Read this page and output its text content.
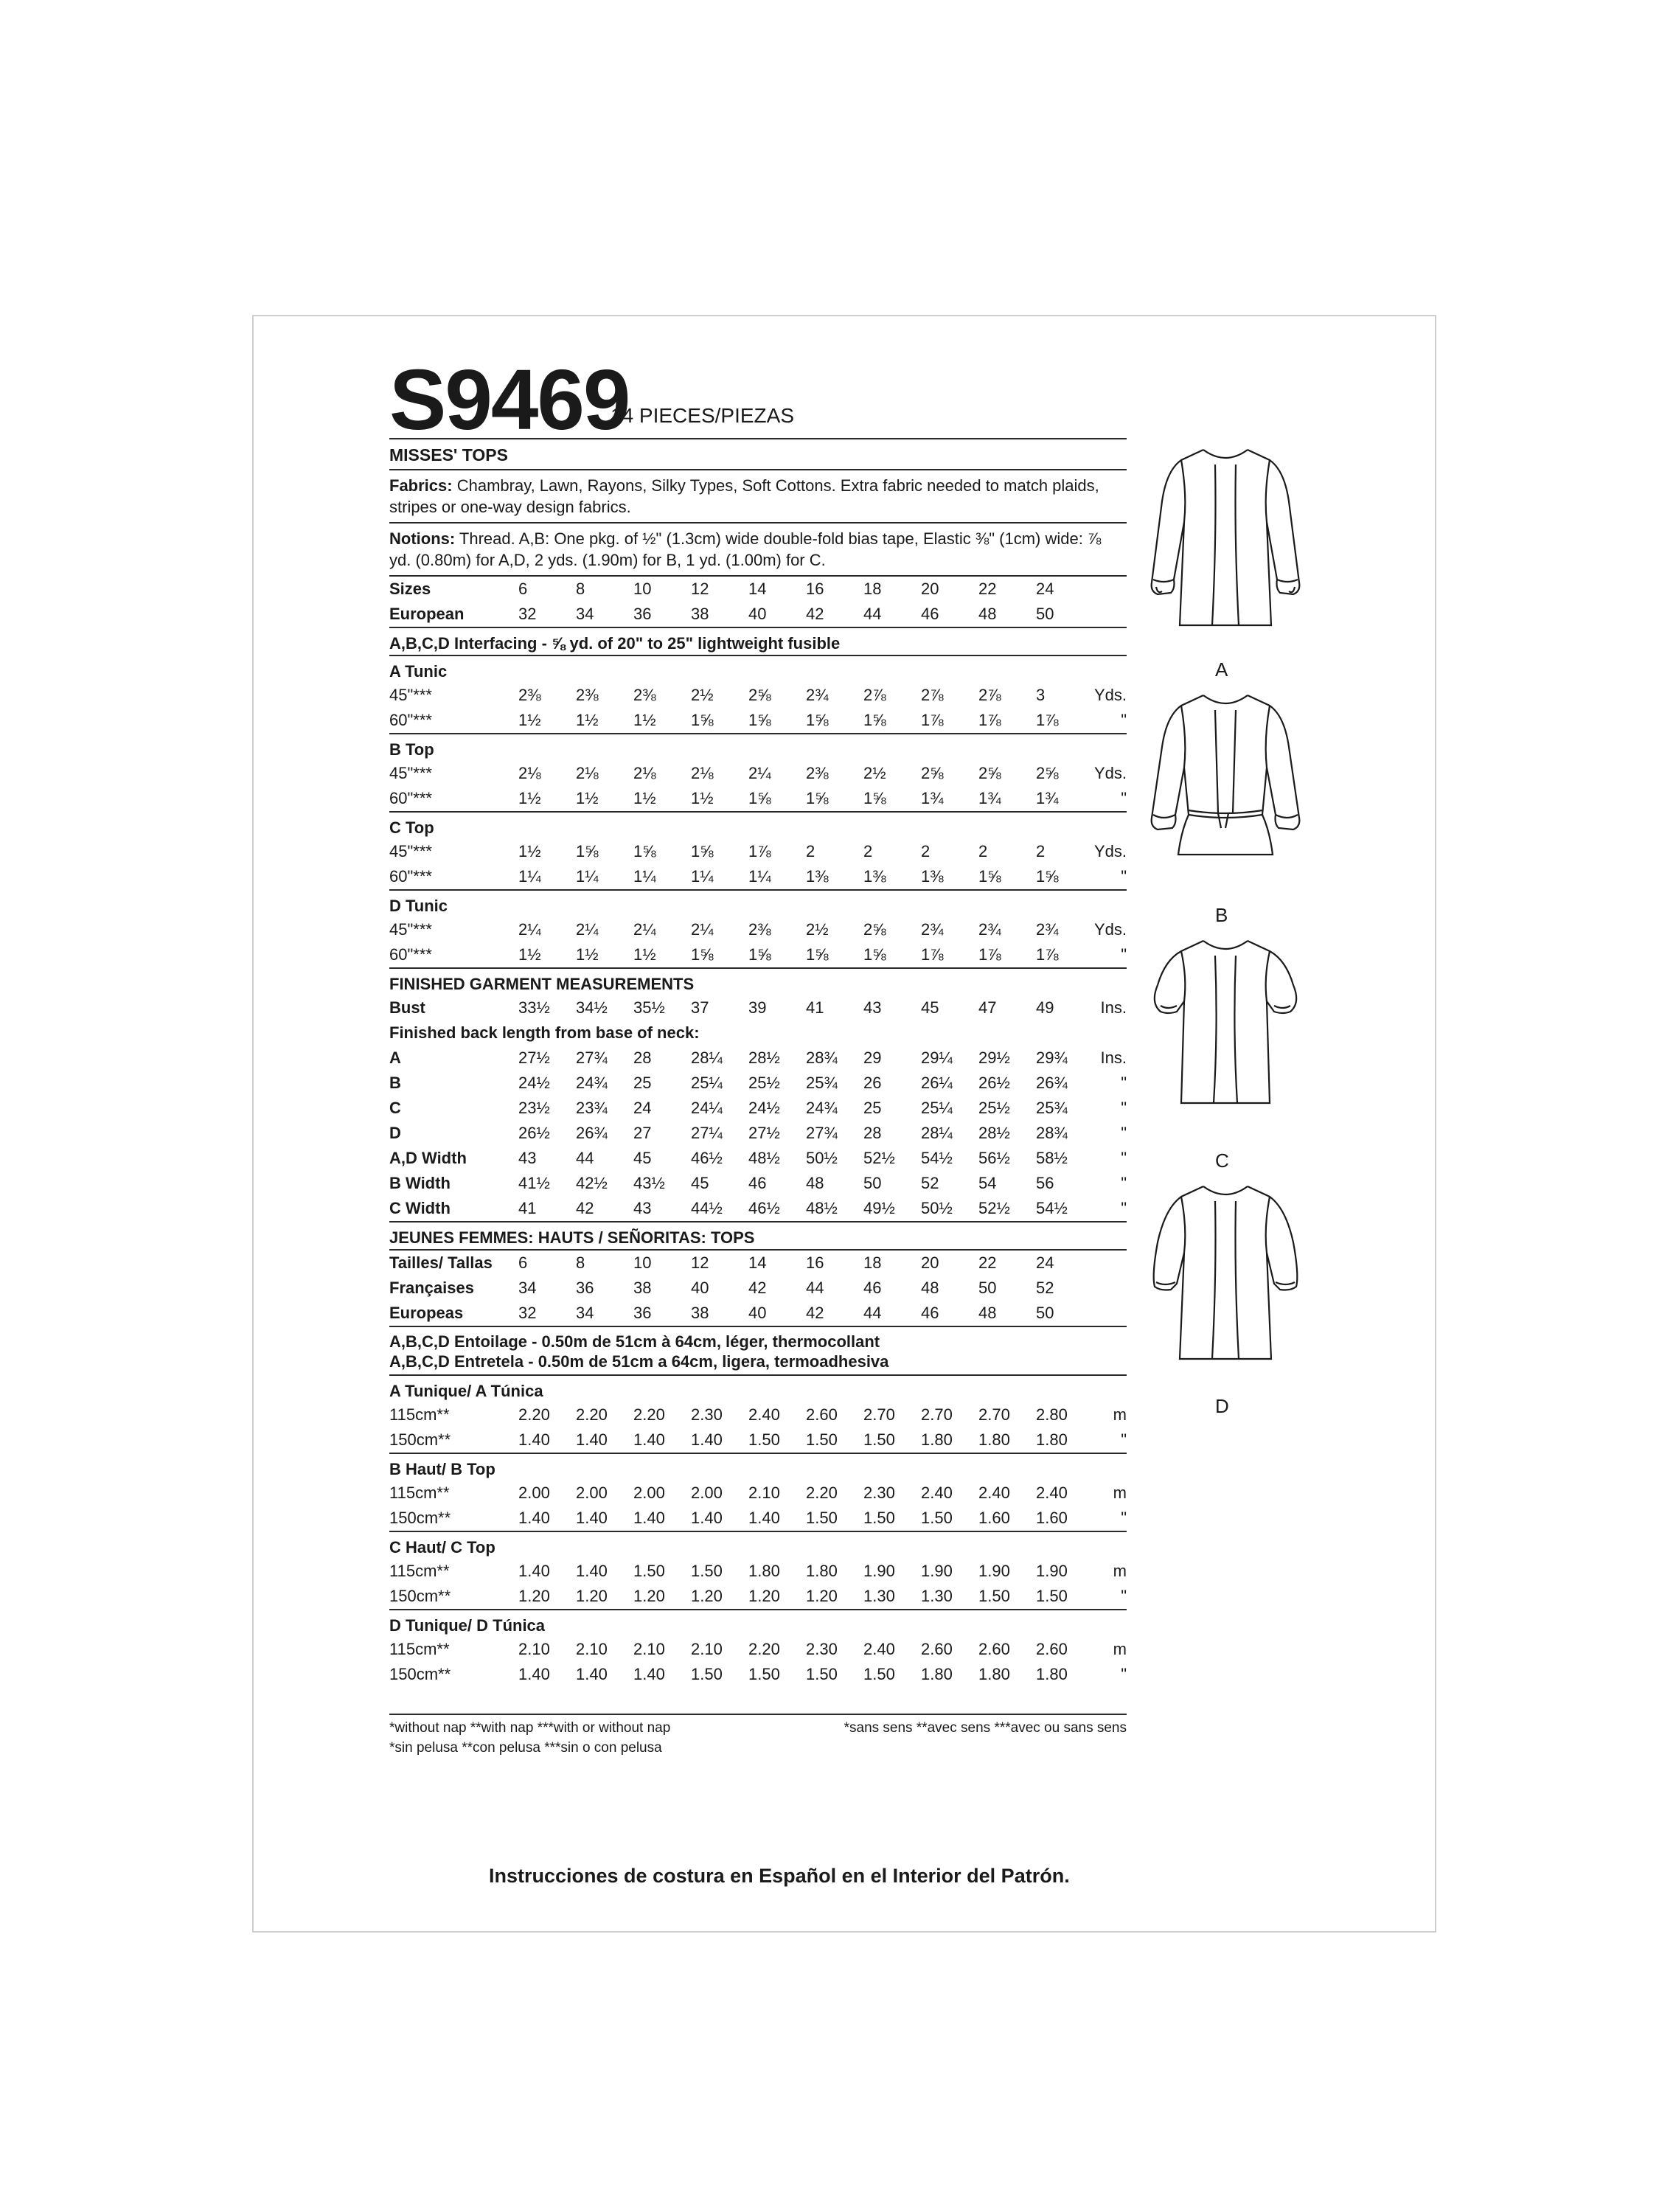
S9469
14 PIECES/PIEZAS
MISSES' TOPS

Fabrics: Chambray, Lawn, Rayons, Silky Types, Soft Cottons. Extra fabric needed to match plaids, stripes or one-way design fabrics.

Notions: Thread. A,B: One pkg. of ½" (1.3cm) wide double-fold bias tape, Elastic ⅜" (1cm) wide: ⅞ yd. (0.80m) for A,D, 2 yds. (1.90m) for B, 1 yd. (1.00m) for C.

Sizes	6	8	10	12	14	16	18	20	22	24	
European	32	34	36	38	40	42	44	46	48	50	
A,B,C,D Interfacing - ⅝ yd. of 20" to 25" lightweight fusible
A Tunic
45"***	2⅜	2⅜	2⅜	2½	2⅝	2¾	2⅞	2⅞	2⅞	3	Yds.
60"***	1½	1½	1½	1⅝	1⅝	1⅝	1⅝	1⅞	1⅞	1⅞	"
B Top
45"***	2⅛	2⅛	2⅛	2⅛	2¼	2⅜	2½	2⅝	2⅝	2⅝	Yds.
60"***	1½	1½	1½	1½	1⅝	1⅝	1⅝	1¾	1¾	1¾	"
C Top
45"***	1½	1⅝	1⅝	1⅝	1⅞	2	2	2	2	2	Yds.
60"***	1¼	1¼	1¼	1¼	1¼	1⅜	1⅜	1⅜	1⅝	1⅝	"
D Tunic
45"***	2¼	2¼	2¼	2¼	2⅜	2½	2⅝	2¾	2¾	2¾	Yds.
60"***	1½	1½	1½	1⅝	1⅝	1⅝	1⅝	1⅞	1⅞	1⅞	"
FINISHED GARMENT MEASUREMENTS
Bust	33½	34½	35½	37	39	41	43	45	47	49	Ins.
Finished back length from base of neck:											
A	27½	27¾	28	28¼	28½	28¾	29	29¼	29½	29¾	Ins.
B	24½	24¾	25	25¼	25½	25¾	26	26¼	26½	26¾	"
C	23½	23¾	24	24¼	24½	24¾	25	25¼	25½	25¾	"
D	26½	26¾	27	27¼	27½	27¾	28	28¼	28½	28¾	"
A,D Width	43	44	45	46½	48½	50½	52½	54½	56½	58½	"
B Width	41½	42½	43½	45	46	48	50	52	54	56	"
C Width	41	42	43	44½	46½	48½	49½	50½	52½	54½	"
JEUNES FEMMES: HAUTS / SEÑORITAS: TOPS
Tailles/ Tallas	6	8	10	12	14	16	18	20	22	24	
Françaises	34	36	38	40	42	44	46	48	50	52	
Europeas	32	34	36	38	40	42	44	46	48	50	
A,B,C,D Entoilage - 0.50m de 51cm à 64cm, léger, thermocollant
A,B,C,D Entretela - 0.50m de 51cm a 64cm, ligera, termoadhesiva
A Tunique/ A Túnica
115cm**	2.20	2.20	2.20	2.30	2.40	2.60	2.70	2.70	2.70	2.80	m
150cm**	1.40	1.40	1.40	1.40	1.50	1.50	1.50	1.80	1.80	1.80	"
B Haut/ B Top
115cm**	2.00	2.00	2.00	2.00	2.10	2.20	2.30	2.40	2.40	2.40	m
150cm**	1.40	1.40	1.40	1.40	1.40	1.50	1.50	1.50	1.60	1.60	"
C Haut/ C Top
115cm**	1.40	1.40	1.50	1.50	1.80	1.80	1.90	1.90	1.90	1.90	m
150cm**	1.20	1.20	1.20	1.20	1.20	1.20	1.30	1.30	1.50	1.50	"
D Tunique/ D Túnica
115cm**	2.10	2.10	2.10	2.10	2.20	2.30	2.40	2.60	2.60	2.60	m
150cm**	1.40	1.40	1.40	1.50	1.50	1.50	1.50	1.80	1.80	1.80	"
*without nap **with nap ***with or without nap	*sans sens **avec sens ***avec ou sans sens
*sin pelusa **con pelusa ***sin o con pelusa
Instrucciones de costura en Español en el Interior del Patrón.
A
B
C
D
